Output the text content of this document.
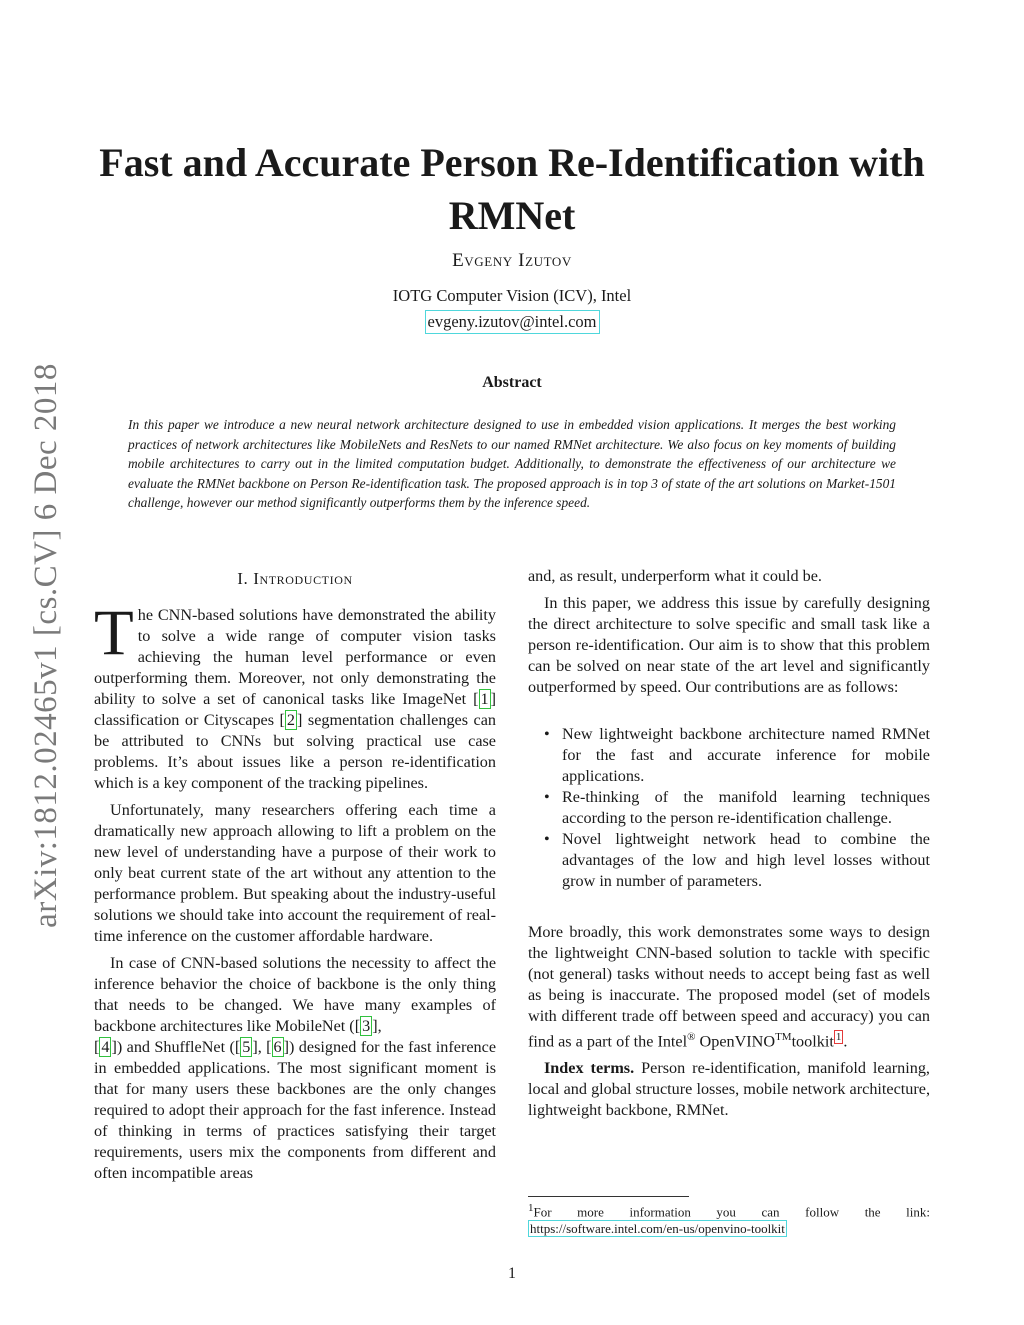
arXiv:1812.02465v1 [cs.CV] 6 Dec 2018
Fast and Accurate Person Re-Identification with RMNet
Evgeny Izutov
IOTG Computer Vision (ICV), Intel
evgeny.izutov@intel.com
Abstract
In this paper we introduce a new neural network architecture designed to use in embedded vision applications. It merges the best working practices of network architectures like MobileNets and ResNets to our named RMNet architecture. We also focus on key moments of building mobile architectures to carry out in the limited computation budget. Additionally, to demonstrate the effectiveness of our architecture we evaluate the RMNet backbone on Person Re-identification task. The proposed approach is in top 3 of state of the art solutions on Market-1501 challenge, however our method significantly outperforms them by the inference speed.
I. Introduction

The CNN-based solutions have demonstrated the ability to solve a wide range of computer vision tasks achieving the human level performance or even outperforming them. Moreover, not only demonstrating the ability to solve a set of canonical tasks like ImageNet [ 1 ] classification or Cityscapes [ 2 ] segmentation challenges can be attributed to CNNs but solving practical use case problems. It’s about issues like a person re-identification which is a key component of the tracking pipelines.

Unfortunately, many researchers offering each time a dramatically new approach allowing to lift a problem on the new level of understanding have a purpose of their work to only beat current state of the art without any attention to the performance problem. But speaking about the industry-useful solutions we should take into account the requirement of real-time inference on the customer affordable hardware.

In case of CNN-based solutions the necessity to affect the inference behavior the choice of backbone is the only thing that needs to be changed. We have many examples of backbone architectures like MobileNet ([ 3 ],
[ 4 ]) and ShuffleNet ([ 5 ], [ 6 ]) designed for the fast inference in embedded applications. The most significant moment is that for many users these backbones are the only changes required to adopt their approach for the fast inference. Instead of thinking in terms of practices satisfying their target requirements, users mix the components from different and often incompatible areas

and, as result, underperform what it could be.

In this paper, we address this issue by carefully designing the direct architecture to solve specific and small task like a person re-identification. Our aim is to show that this problem can be solved on near state of the art level and significantly outperformed by speed. Our contributions are as follows:

• New lightweight backbone architecture named RMNet for the fast and accurate inference for mobile applications.
• Re-thinking of the manifold learning techniques according to the person re-identification challenge.
• Novel lightweight network head to combine the advantages of the low and high level losses without grow in number of parameters.

More broadly, this work demonstrates some ways to design the lightweight CNN-based solution to tackle with specific (not general) tasks without needs to accept being fast as well as being is inaccurate. The proposed model (set of models with different trade off between speed and accuracy) you can find as a part of the Intel® OpenVINO™toolkit $^1$ .

Index terms. Person re-identification, manifold learning, local and global structure losses, mobile network architecture, lightweight backbone, RMNet.

$^1$For more information you can follow the link: https://software.intel.com/en-us/openvino-toolkit
1
